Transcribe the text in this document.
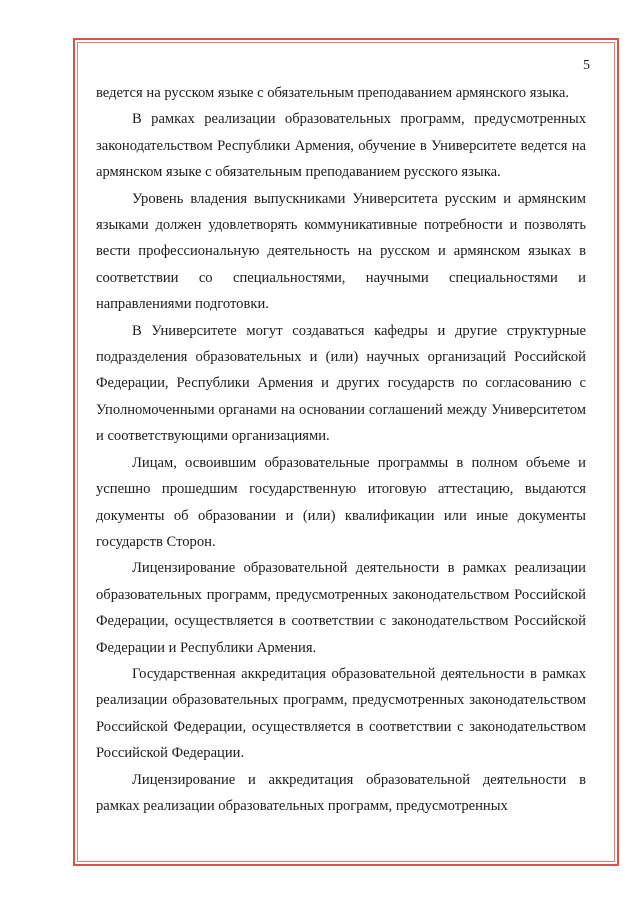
5

ведется на русском языке с обязательным преподаванием армянского языка.

В рамках реализации образовательных программ, предусмотренных законодательством Республики Армения, обучение в Университете ведется на армянском языке с обязательным преподаванием русского языка.

Уровень владения выпускниками Университета русским и армянским языками должен удовлетворять коммуникативные потребности и позволять вести профессиональную деятельность на русском и армянском языках в соответствии со специальностями, научными специальностями и направлениями подготовки.

В Университете могут создаваться кафедры и другие структурные подразделения образовательных и (или) научных организаций Российской Федерации, Республики Армения и других государств по согласованию с Уполномоченными органами на основании соглашений между Университетом и соответствующими организациями.

Лицам, освоившим образовательные программы в полном объеме и успешно прошедшим государственную итоговую аттестацию, выдаются документы об образовании и (или) квалификации или иные документы государств Сторон.

Лицензирование образовательной деятельности в рамках реализации образовательных программ, предусмотренных законодательством Российской Федерации, осуществляется в соответствии с законодательством Российской Федерации и Республики Армения.

Государственная аккредитация образовательной деятельности в рамках реализации образовательных программ, предусмотренных законодательством Российской Федерации, осуществляется в соответствии с законодательством Российской Федерации.

Лицензирование и аккредитация образовательной деятельности в рамках реализации образовательных программ, предусмотренных
